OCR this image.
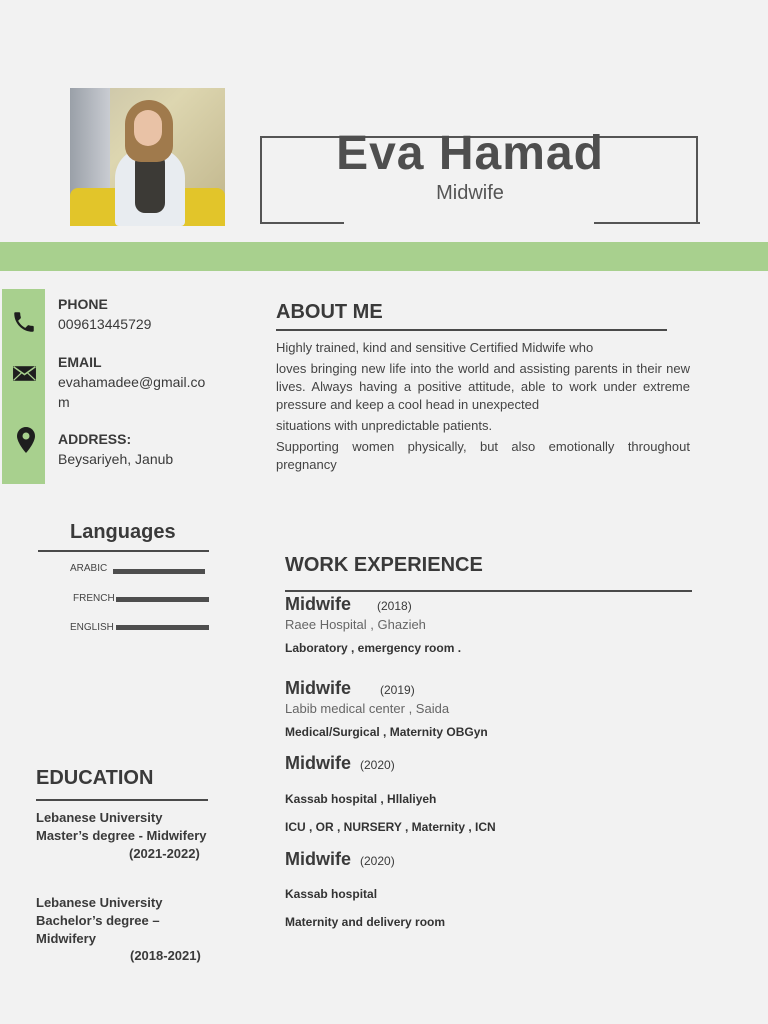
Eva Hamad
Midwife
PHONE
009613445729
EMAIL
evahamadee@gmail.co
m
ADDRESS:
Beysariyeh, Janub
ABOUT ME

Highly trained, kind and sensitive Certified Midwife who

loves bringing new life into the world and assisting parents in their new lives. Always having a positive attitude, able to work under extreme pressure and keep a cool head in unexpected

situations with unpredictable patients.

Supporting women physically, but also emotionally throughout pregnancy

Languages
ARABIC
FRENCH
ENGLISH
EDUCATION
Lebanese University
Master’s degree - Midwifery
(2021-2022)
Lebanese University
Bachelor’s degree –
Midwifery
(2018-2021)
WORK EXPERIENCE
Midwife (2018)
Raee Hospital , Ghazieh
Laboratory , emergency room .
Midwife (2019)
Labib medical center , Saida
Medical/Surgical , Maternity OBGyn
Midwife (2020)
Kassab hospital , Hllaliyeh
ICU , OR , NURSERY , Maternity , ICN
Midwife (2020)
Kassab hospital
Maternity and delivery room
